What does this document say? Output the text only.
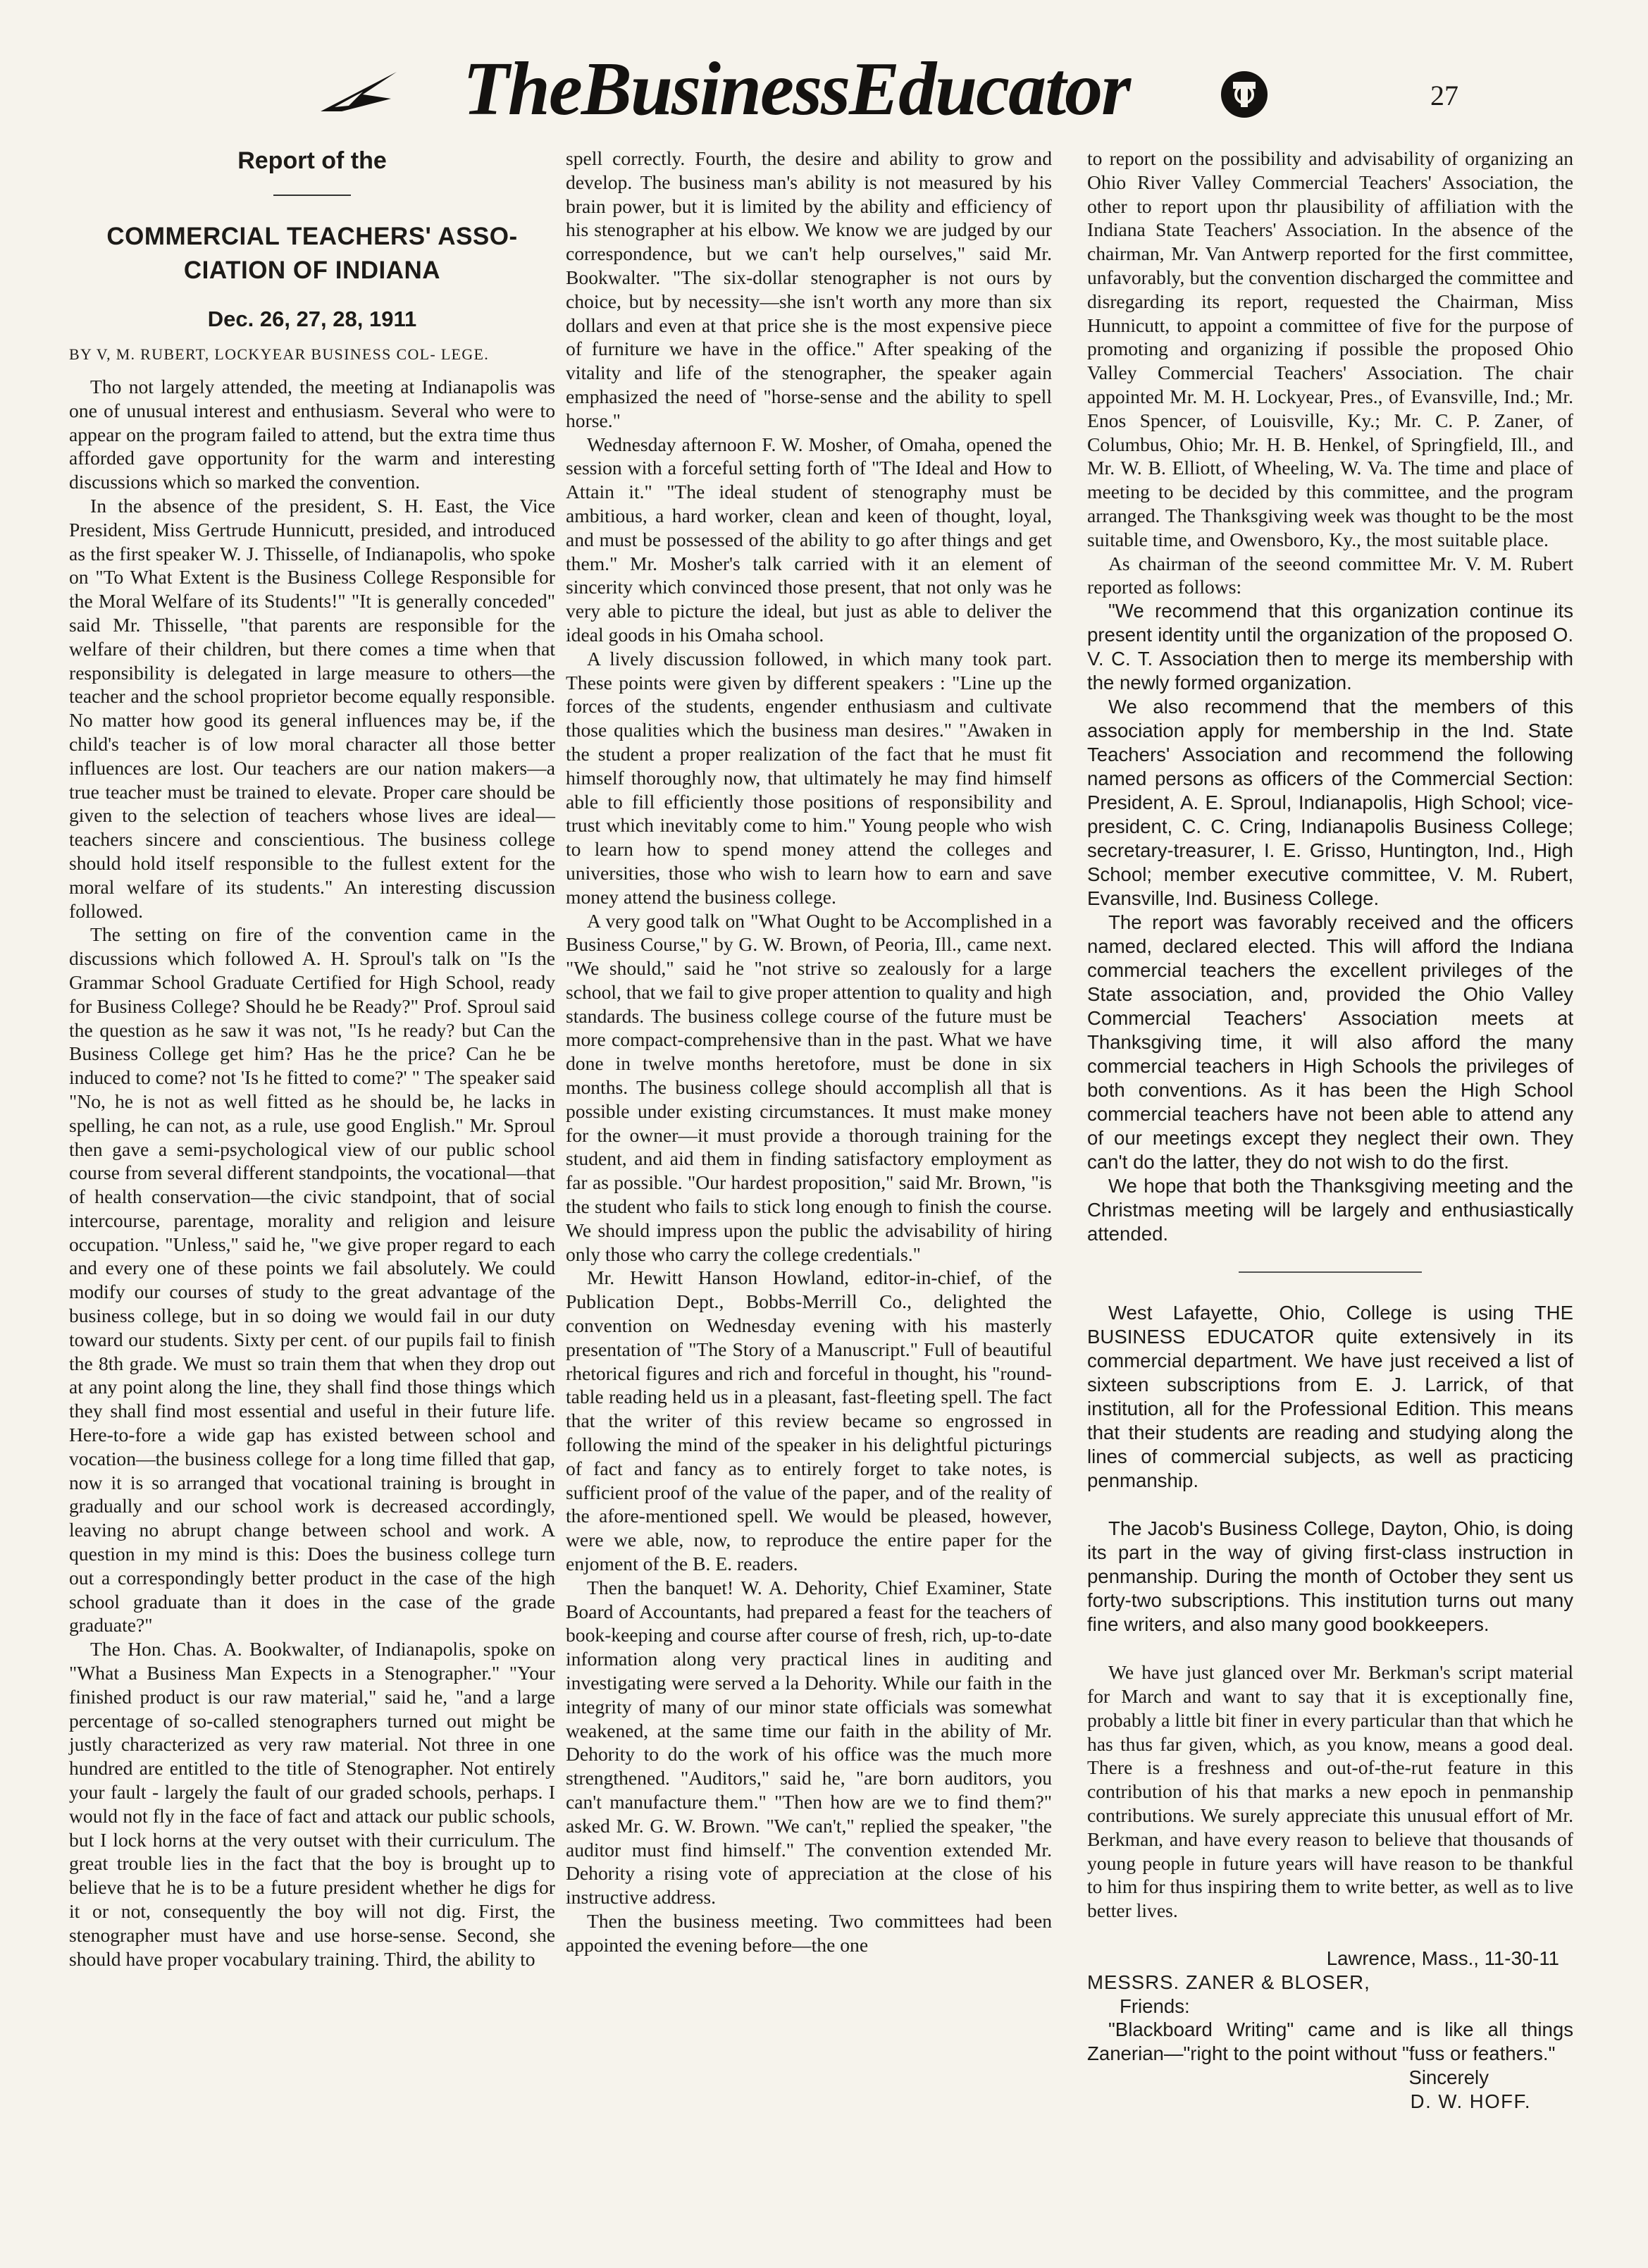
TheBusinessEducator	27
Report of the
COMMERCIAL TEACHERS' ASSO- CIATION OF INDIANA
Dec. 26, 27, 28, 1911
BY V, M. RUBERT, LOCKYEAR BUSINESS COL- LEGE.

Tho not largely attended, the meeting at Indianapolis was one of unusual interest and enthusiasm. Several who were to appear on the program failed to attend, but the extra time thus afforded gave opportunity for the warm and interesting discussions which so marked the convention.

In the absence of the president, S. H. East, the Vice President, Miss Gertrude Hunnicutt, presided, and introduced as the first speaker W. J. Thisselle, of Indianapolis, who spoke on "To What Extent is the Business College Responsible for the Moral Welfare of its Students!" "It is generally conceded" said Mr. Thisselle, "that parents are responsible for the welfare of their children, but there comes a time when that responsibility is delegated in large measure to others—the teacher and the school proprietor become equally responsible. No matter how good its general influences may be, if the child's teacher is of low moral character all those better influences are lost. Our teachers are our nation makers—a true teacher must be trained to elevate. Proper care should be given to the selection of teachers whose lives are ideal—teachers sincere and conscientious. The business college should hold itself responsible to the fullest extent for the moral welfare of its students." An interesting discussion followed.

The setting on fire of the convention came in the discussions which followed A. H. Sproul's talk on "Is the Grammar School Graduate Certified for High School, ready for Business College? Should he be Ready?" Prof. Sproul said the question as he saw it was not, "Is he ready? but Can the Business College get him? Has he the price? Can he be induced to come? not 'Is he fitted to come?' " The speaker said "No, he is not as well fitted as he should be, he lacks in spelling, he can not, as a rule, use good English." Mr. Sproul then gave a semi-psychological view of our public school course from several different standpoints, the vocational—that of health conservation—the civic standpoint, that of social intercourse, parentage, morality and religion and leisure occupation. "Unless," said he, "we give proper regard to each and every one of these points we fail absolutely. We could modify our courses of study to the great advantage of the business college, but in so doing we would fail in our duty toward our students. Sixty per cent. of our pupils fail to finish the 8th grade. We must so train them that when they drop out at any point along the line, they shall find those things which they shall find most essential and useful in their future life. Here-to-fore a wide gap has existed between school and vocation—the business college for a long time filled that gap, now it is so arranged that vocational training is brought in gradually and our school work is decreased accordingly, leaving no abrupt change between school and work. A question in my mind is this: Does the business college turn out a correspondingly better product in the case of the high school graduate than it does in the case of the grade graduate?"

The Hon. Chas. A. Bookwalter, of Indianapolis, spoke on "What a Business Man Expects in a Stenographer." "Your finished product is our raw material," said he, "and a large percentage of so-called stenographers turned out might be justly characterized as very raw material. Not three in one hundred are entitled to the title of Stenographer. Not entirely your fault - largely the fault of our graded schools, perhaps. I would not fly in the face of fact and attack our public schools, but I lock horns at the very outset with their curriculum. The great trouble lies in the fact that the boy is brought up to believe that he is to be a future president whether he digs for it or not, consequently the boy will not dig. First, the stenographer must have and use horse-sense. Second, she should have proper vocabulary training. Third, the ability to

spell correctly. Fourth, the desire and ability to grow and develop. The business man's ability is not measured by his brain power, but it is limited by the ability and efficiency of his stenographer at his elbow. We know we are judged by our correspondence, but we can't help ourselves," said Mr. Bookwalter. "The six-dollar stenographer is not ours by choice, but by necessity—she isn't worth any more than six dollars and even at that price she is the most expensive piece of furniture we have in the office." After speaking of the vitality and life of the stenographer, the speaker again emphasized the need of "horse-sense and the ability to spell horse."

Wednesday afternoon F. W. Mosher, of Omaha, opened the session with a forceful setting forth of "The Ideal and How to Attain it." "The ideal student of stenography must be ambitious, a hard worker, clean and keen of thought, loyal, and must be possessed of the ability to go after things and get them." Mr. Mosher's talk carried with it an element of sincerity which convinced those present, that not only was he very able to picture the ideal, but just as able to deliver the ideal goods in his Omaha school.

A lively discussion followed, in which many took part. These points were given by different speakers : "Line up the forces of the students, engender enthusiasm and cultivate those qualities which the business man desires." "Awaken in the student a proper realization of the fact that he must fit himself thoroughly now, that ultimately he may find himself able to fill efficiently those positions of responsibility and trust which inevitably come to him." Young people who wish to learn how to spend money attend the colleges and universities, those who wish to learn how to earn and save money attend the business college.

A very good talk on "What Ought to be Accomplished in a Business Course," by G. W. Brown, of Peoria, Ill., came next. "We should," said he "not strive so zealously for a large school, that we fail to give proper attention to quality and high standards. The business college course of the future must be more compact-comprehensive than in the past. What we have done in twelve months heretofore, must be done in six months. The business college should accomplish all that is possible under existing circumstances. It must make money for the owner—it must provide a thorough training for the student, and aid them in finding satisfactory employment as far as possible. "Our hardest proposition," said Mr. Brown, "is the student who fails to stick long enough to finish the course. We should impress upon the public the advisability of hiring only those who carry the college credentials."

Mr. Hewitt Hanson Howland, editor-in-chief, of the Publication Dept., Bobbs-Merrill Co., delighted the convention on Wednesday evening with his masterly presentation of "The Story of a Manuscript." Full of beautiful rhetorical figures and rich and forceful in thought, his "round-table reading held us in a pleasant, fast-fleeting spell. The fact that the writer of this review became so engrossed in following the mind of the speaker in his delightful picturings of fact and fancy as to entirely forget to take notes, is sufficient proof of the value of the paper, and of the reality of the afore-mentioned spell. We would be pleased, however, were we able, now, to reproduce the entire paper for the enjoment of the B. E. readers.

Then the banquet! W. A. Dehority, Chief Examiner, State Board of Accountants, had prepared a feast for the teachers of book-keeping and course after course of fresh, rich, up-to-date information along very practical lines in auditing and investigating were served a la Dehority. While our faith in the integrity of many of our minor state officials was somewhat weakened, at the same time our faith in the ability of Mr. Dehority to do the work of his office was the much more strengthened. "Auditors," said he, "are born auditors, you can't manufacture them." "Then how are we to find them?" asked Mr. G. W. Brown. "We can't," replied the speaker, "the auditor must find himself." The convention extended Mr. Dehority a rising vote of appreciation at the close of his instructive address.

Then the business meeting. Two committees had been appointed the evening before—the one

to report on the possibility and advisability of organizing an Ohio River Valley Commercial Teachers' Association, the other to report upon thr plausibility of affiliation with the Indiana State Teachers' Association. In the absence of the chairman, Mr. Van Antwerp reported for the first committee, unfavorably, but the convention discharged the committee and disregarding its report, requested the Chairman, Miss Hunnicutt, to appoint a committee of five for the purpose of promoting and organizing if possible the proposed Ohio Valley Commercial Teachers' Association. The chair appointed Mr. M. H. Lockyear, Pres., of Evansville, Ind.; Mr. Enos Spencer, of Louisville, Ky.; Mr. C. P. Zaner, of Columbus, Ohio; Mr. H. B. Henkel, of Springfield, Ill., and Mr. W. B. Elliott, of Wheeling, W. Va. The time and place of meeting to be decided by this committee, and the program arranged. The Thanksgiving week was thought to be the most suitable time, and Owensboro, Ky., the most suitable place.

As chairman of the seeond committee Mr. V. M. Rubert reported as follows:

"We recommend that this organization continue its present identity until the organization of the proposed O. V. C. T. Association then to merge its membership with the newly formed organization.

We also recommend that the members of this association apply for membership in the Ind. State Teachers' Association and recommend the following named persons as officers of the Commercial Section: President, A. E. Sproul, Indianapolis, High School; vice-president, C. C. Cring, Indianapolis Business College; secretary-treasurer, I. E. Grisso, Huntington, Ind., High School; member executive committee, V. M. Rubert, Evansville, Ind. Business College.

The report was favorably received and the officers named, declared elected. This will afford the Indiana commercial teachers the excellent privileges of the State association, and, provided the Ohio Valley Commercial Teachers' Association meets at Thanksgiving time, it will also afford the many commercial teachers in High Schools the privileges of both conventions. As it has been the High School commercial teachers have not been able to attend any of our meetings except they neglect their own. They can't do the latter, they do not wish to do the first.

We hope that both the Thanksgiving meeting and the Christmas meeting will be largely and enthusiastically attended.

West Lafayette, Ohio, College is using THE BUSINESS EDUCATOR quite extensively in its commercial department. We have just received a list of sixteen subscriptions from E. J. Larrick, of that institution, all for the Professional Edition. This means that their students are reading and studying along the lines of commercial subjects, as well as practicing penmanship.

The Jacob's Business College, Dayton, Ohio, is doing its part in the way of giving first-class instruction in penmanship. During the month of October they sent us forty-two subscriptions. This institution turns out many fine writers, and also many good bookkeepers.

We have just glanced over Mr. Berkman's script material for March and want to say that it is exceptionally fine, probably a little bit finer in every particular than that which he has thus far given, which, as you know, means a good deal. There is a freshness and out-of-the-rut feature in this contribution of his that marks a new epoch in penmanship contributions. We surely appreciate this unusual effort of Mr. Berkman, and have every reason to believe that thousands of young people in future years will have reason to be thankful to him for thus inspiring them to write better, as well as to live better lives.

Lawrence, Mass., 11-30-11
MESSRS. ZANER & BLOSER,
Friends:

"Blackboard Writing" came and is like all things Zanerian—"right to the point without "fuss or feathers."

Sincerely
D. W. HOFF.
